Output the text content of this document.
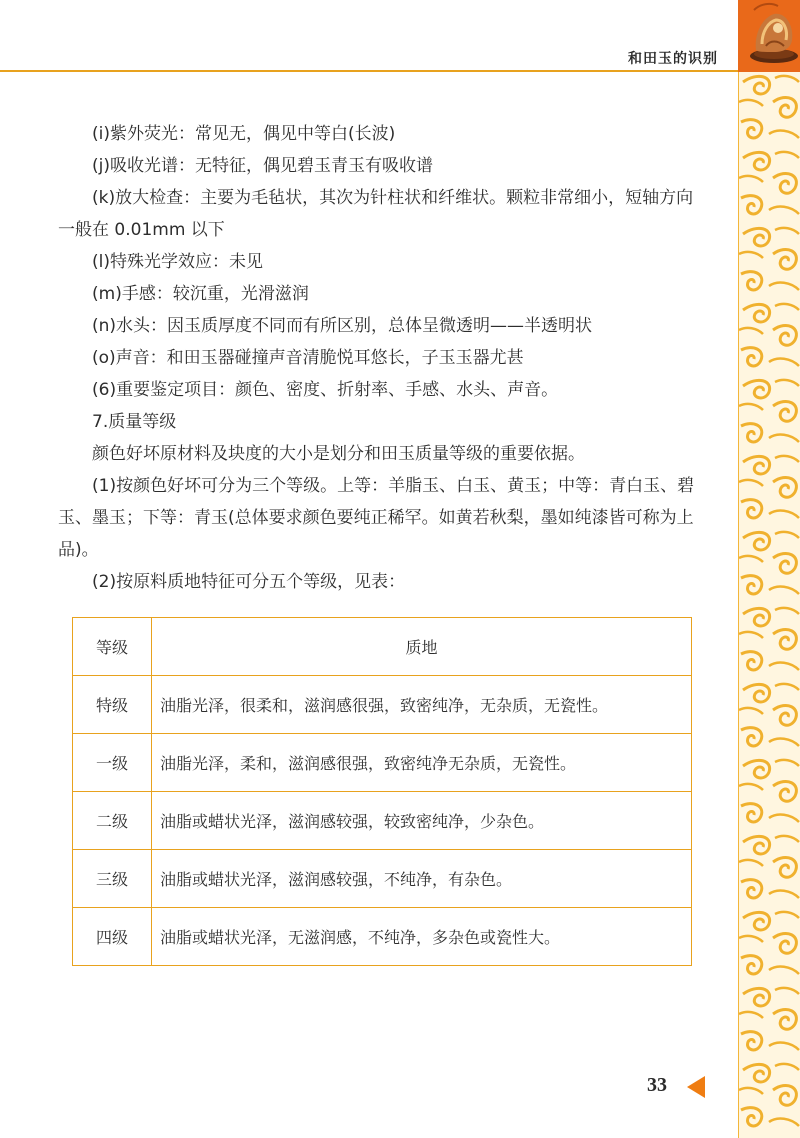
和田玉的识别

(i)紫外荧光：常见无，偶见中等白(长波)

(j)吸收光谱：无特征，偶见碧玉青玉有吸收谱

(k)放大检查：主要为毛毡状，其次为针柱状和纤维状。颗粒非常细小，短轴方向一般在 0.01mm 以下

(l)特殊光学效应：未见

(m)手感：较沉重，光滑滋润

(n)水头：因玉质厚度不同而有所区别，总体呈微透明——半透明状

(o)声音：和田玉器碰撞声音清脆悦耳悠长，子玉玉器尤甚

(6)重要鉴定项目：颜色、密度、折射率、手感、水头、声音。

7.质量等级

颜色好坏原材料及块度的大小是划分和田玉质量等级的重要依据。

(1)按颜色好坏可分为三个等级。上等：羊脂玉、白玉、黄玉；中等：青白玉、碧玉、墨玉；下等：青玉(总体要求颜色要纯正稀罕。如黄若秋梨，墨如纯漆皆可称为上品)。

(2)按原料质地特征可分五个等级，见表：

等级	质地
特级	油脂光泽，很柔和，滋润感很强，致密纯净，无杂质，无瓷性。
一级	油脂光泽，柔和，滋润感很强，致密纯净无杂质，无瓷性。
二级	油脂或蜡状光泽，滋润感较强，较致密纯净，少杂色。
三级	油脂或蜡状光泽，滋润感较强，不纯净，有杂色。
四级	油脂或蜡状光泽，无滋润感，不纯净，多杂色或瓷性大。
33
